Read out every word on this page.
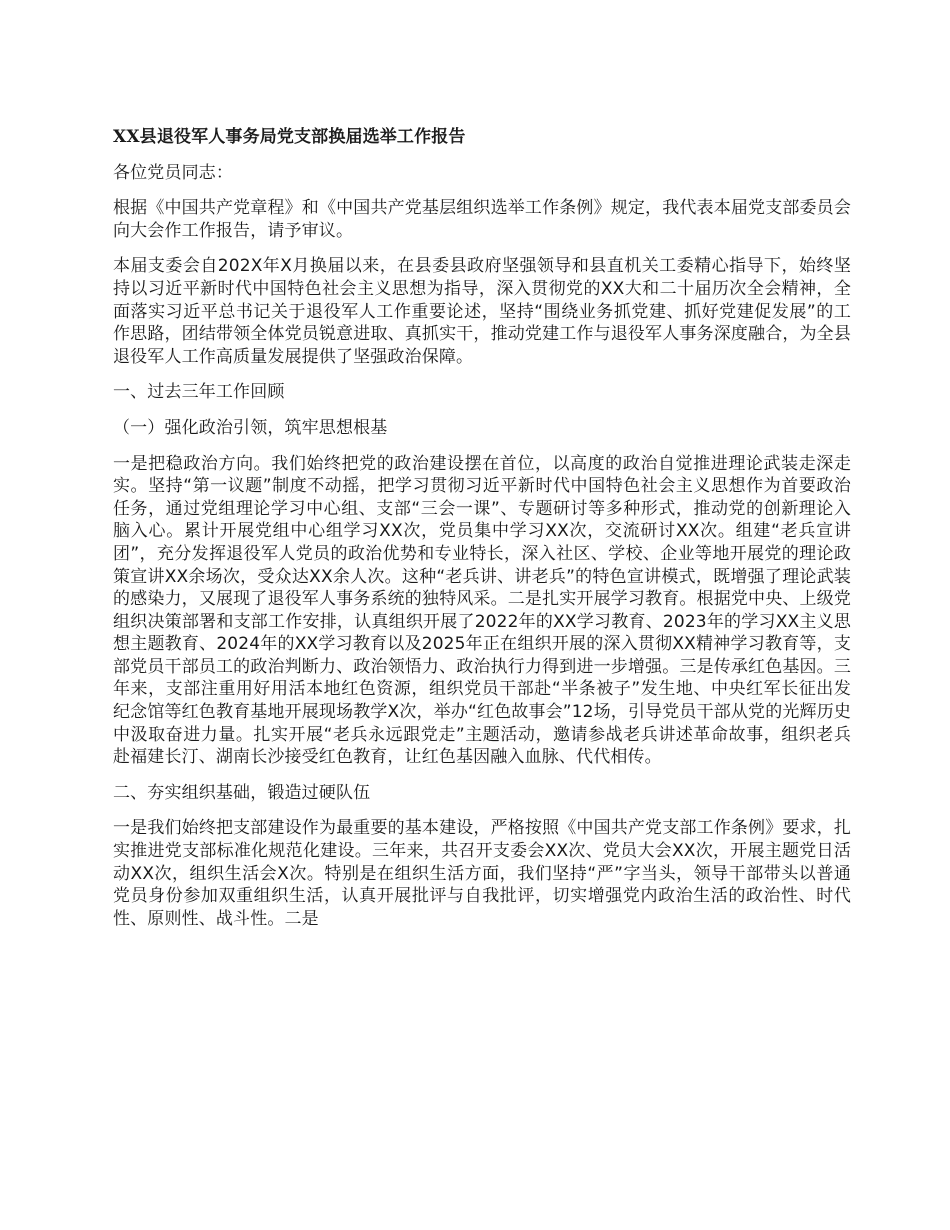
XX县退役军人事务局党支部换届选举工作报告

各位党员同志：

根据《中国共产党章程》和《中国共产党基层组织选举工作条例》规定，我代表本届党支部委员会向大会作工作报告，请予审议。

本届支委会自202X年X月换届以来，在县委县政府坚强领导和县直机关工委精心指导下，始终坚持以习近平新时代中国特色社会主义思想为指导，深入贯彻党的XX大和二十届历次全会精神，全面落实习近平总书记关于退役军人工作重要论述，坚持“围绕业务抓党建、抓好党建促发展”的工作思路，团结带领全体党员锐意进取、真抓实干，推动党建工作与退役军人事务深度融合，为全县退役军人工作高质量发展提供了坚强政治保障。

一、过去三年工作回顾

（一）强化政治引领，筑牢思想根基

一是把稳政治方向。我们始终把党的政治建设摆在首位，以高度的政治自觉推进理论武装走深走实。坚持“第一议题”制度不动摇，把学习贯彻习近平新时代中国特色社会主义思想作为首要政治任务，通过党组理论学习中心组、支部“三会一课”、专题研讨等多种形式，推动党的创新理论入脑入心。累计开展党组中心组学习XX次，党员集中学习XX次，交流研讨XX次。组建“老兵宣讲团”，充分发挥退役军人党员的政治优势和专业特长，深入社区、学校、企业等地开展党的理论政策宣讲XX余场次，受众达XX余人次。这种“老兵讲、讲老兵”的特色宣讲模式，既增强了理论武装的感染力，又展现了退役军人事务系统的独特风采。二是扎实开展学习教育。根据党中央、上级党组织决策部署和支部工作安排，认真组织开展了2022年的XX学习教育、2023年的学习XX主义思想主题教育、2024年的XX学习教育以及2025年正在组织开展的深入贯彻XX精神学习教育等，支部党员干部员工的政治判断力、政治领悟力、政治执行力得到进一步增强。三是传承红色基因。三年来，支部注重用好用活本地红色资源，组织党员干部赴“半条被子”发生地、中央红军长征出发纪念馆等红色教育基地开展现场教学X次，举办“红色故事会”12场，引导党员干部从党的光辉历史中汲取奋进力量。扎实开展“老兵永远跟党走”主题活动，邀请参战老兵讲述革命故事，组织老兵赴福建长汀、湖南长沙接受红色教育，让红色基因融入血脉、代代相传。

二、夯实组织基础，锻造过硬队伍

一是我们始终把支部建设作为最重要的基本建设，严格按照《中国共产党支部工作条例》要求，扎实推进党支部标准化规范化建设。三年来，共召开支委会XX次、党员大会XX次，开展主题党日活动XX次，组织生活会X次。特别是在组织生活方面，我们坚持“严”字当头，领导干部带头以普通党员身份参加双重组织生活，认真开展批评与自我批评，切实增强党内政治生活的政治性、时代性、原则性、战斗性。二是
